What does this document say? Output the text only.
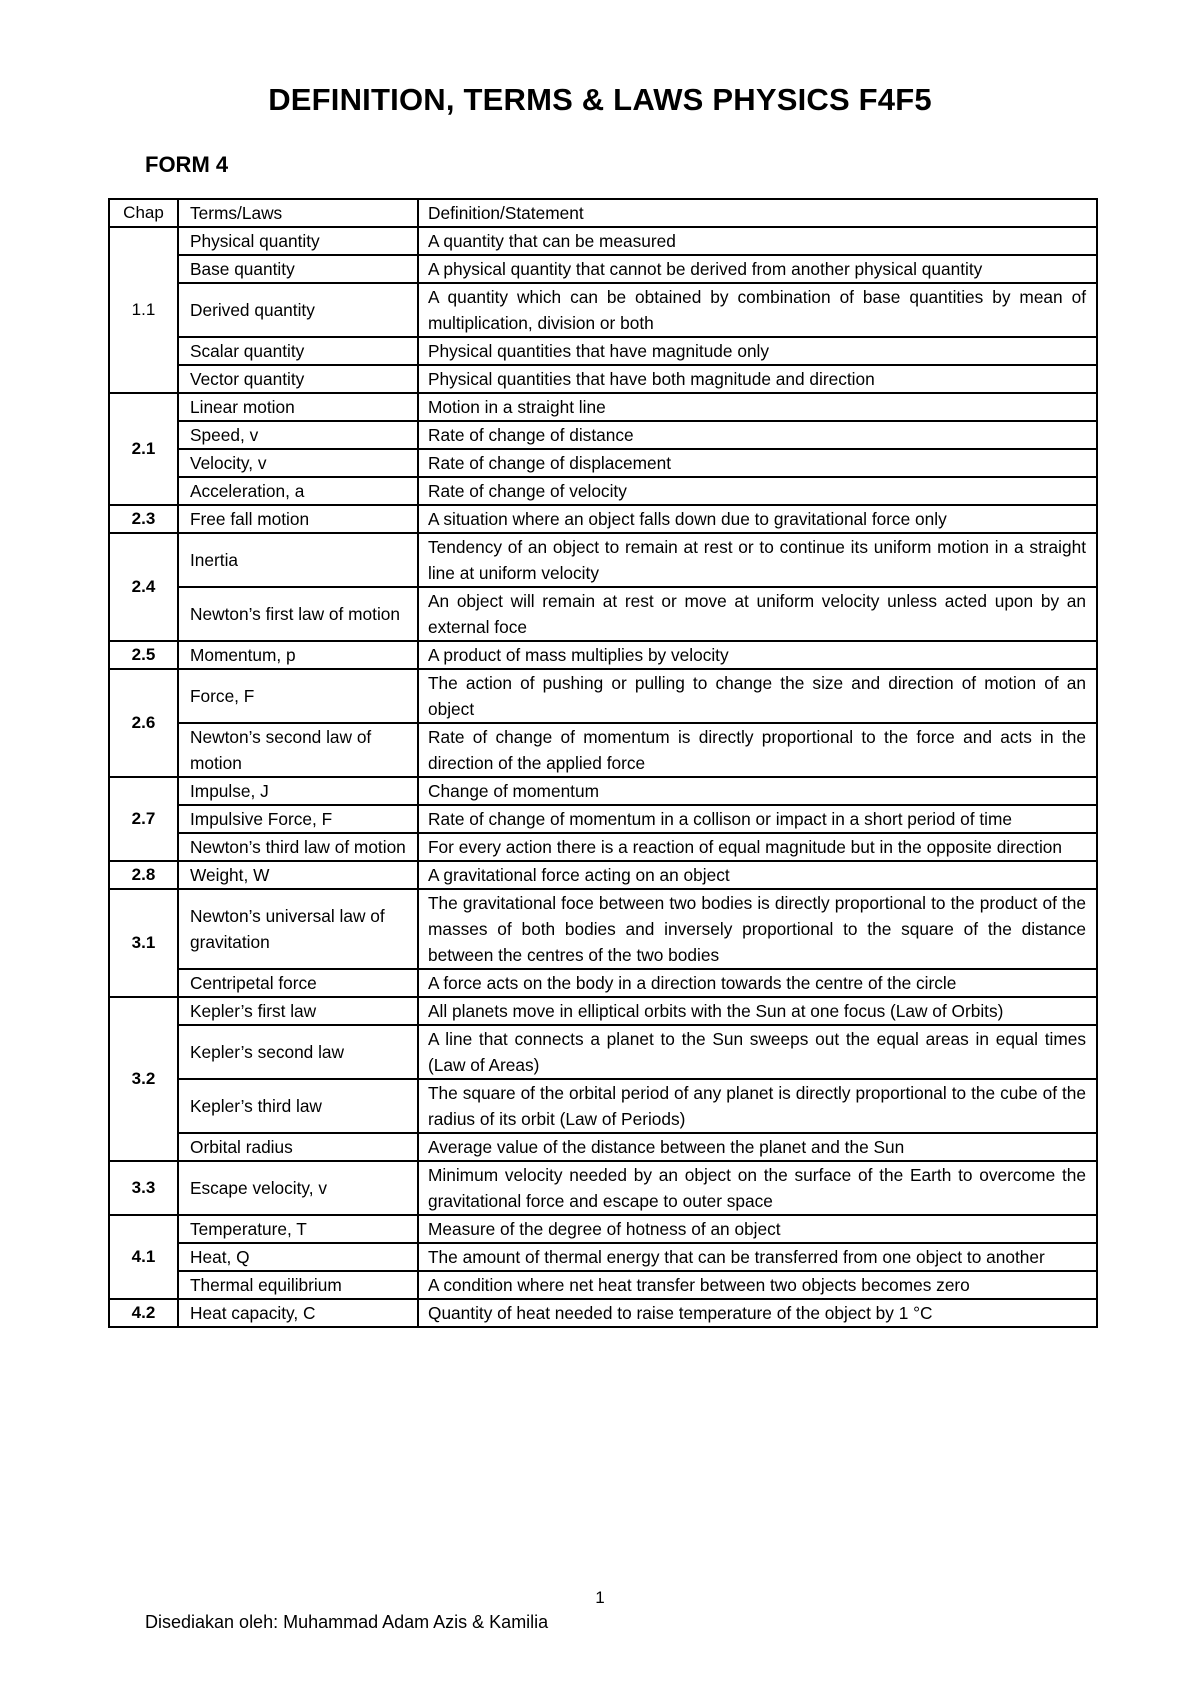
DEFINITION, TERMS & LAWS PHYSICS F4F5
FORM 4
Chap	Terms/Laws	Definition/Statement
1.1	Physical quantity	A quantity that can be measured
	Base quantity	A physical quantity that cannot be derived from another physical quantity
	Derived quantity	A quantity which can be obtained by combination of base quantities by mean of multiplication, division or both
	Scalar quantity	Physical quantities that have magnitude only
	Vector quantity	Physical quantities that have both magnitude and direction
2.1	Linear motion	Motion in a straight line
	Speed, v	Rate of change of distance
	Velocity, v	Rate of change of displacement
	Acceleration, a	Rate of change of velocity
2.3	Free fall motion	A situation where an object falls down due to gravitational force only
2.4	Inertia	Tendency of an object to remain at rest or to continue its uniform motion in a straight line at uniform velocity
	Newton’s first law of motion	An object will remain at rest or move at uniform velocity unless acted upon by an external foce
2.5	Momentum, p	A product of mass multiplies by velocity
2.6	Force, F	The action of pushing or pulling to change the size and direction of motion of an object
	Newton’s second law of motion	Rate of change of momentum is directly proportional to the force and acts in the direction of the applied force
2.7	Impulse, J	Change of momentum
	Impulsive Force, F	Rate of change of momentum in a collison or impact in a short period of time
	Newton’s third law of motion	For every action there is a reaction of equal magnitude but in the opposite direction
2.8	Weight, W	A gravitational force acting on an object
3.1	Newton’s universal law of gravitation	The gravitational foce between two bodies is directly proportional to the product of the masses of both bodies and inversely proportional to the square of the distance between the centres of the two bodies
	Centripetal force	A force acts on the body in a direction towards the centre of the circle
3.2	Kepler’s first law	All planets move in elliptical orbits with the Sun at one focus (Law of Orbits)
	Kepler’s second law	A line that connects a planet to the Sun sweeps out the equal areas in equal times (Law of Areas)
	Kepler’s third law	The square of the orbital period of any planet is directly proportional to the cube of the radius of its orbit (Law of Periods)
	Orbital radius	Average value of the distance between the planet and the Sun
3.3	Escape velocity, v	Minimum velocity needed by an object on the surface of the Earth to overcome the gravitational force and escape to outer space
4.1	Temperature, T	Measure of the degree of hotness of an object
	Heat, Q	The amount of thermal energy that can be transferred from one object to another
	Thermal equilibrium	A condition where net heat transfer between two objects becomes zero
4.2	Heat capacity, C	Quantity of heat needed to raise temperature of the object by 1 °C
1
Disediakan oleh: Muhammad Adam Azis & Kamilia
